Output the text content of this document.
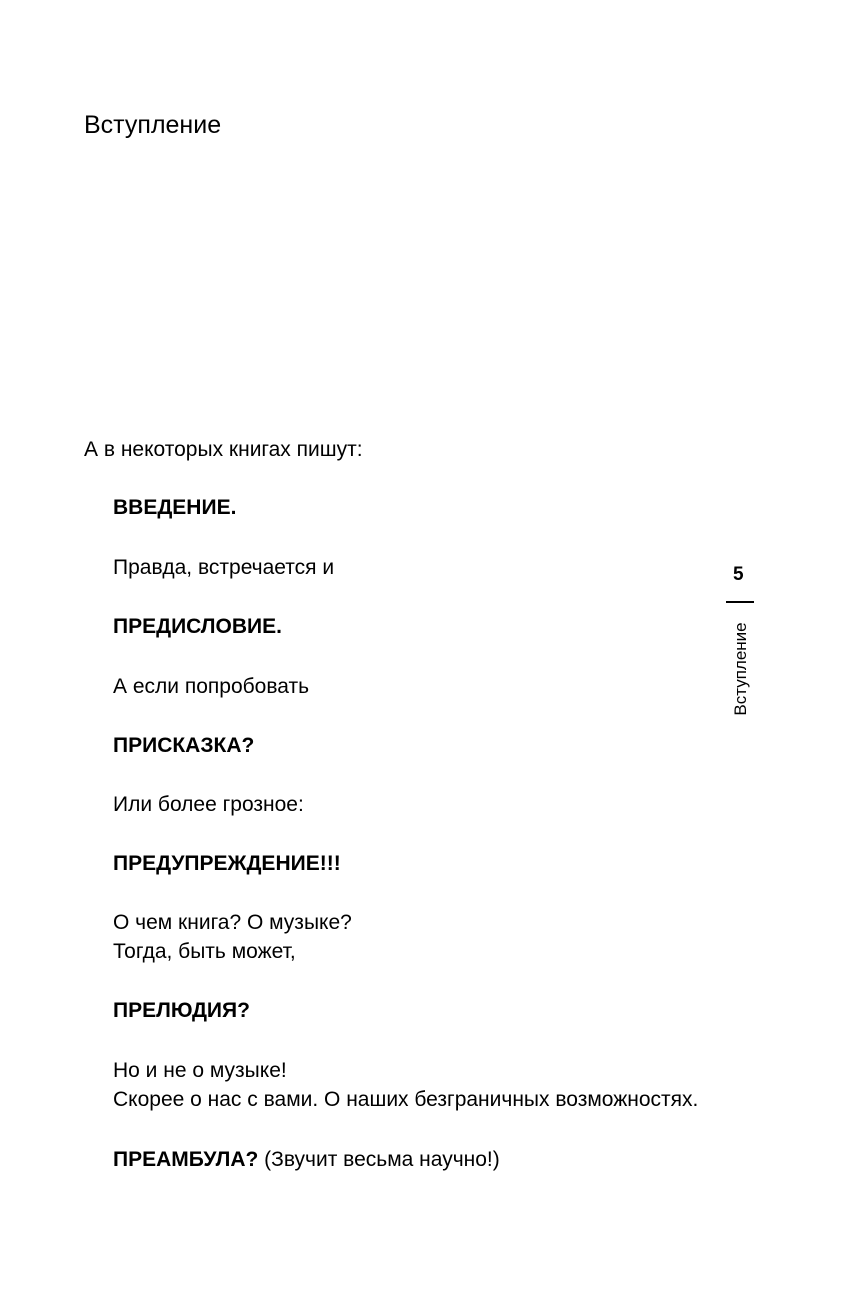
Вступление

А в некоторых книгах пишут:

ВВЕДЕНИЕ.

Правда, встречается и

ПРЕДИСЛОВИЕ.

А если попробовать

ПРИСКАЗКА?

Или более грозное:

ПРЕДУПРЕЖДЕНИЕ!!!

О чем книга? О музыке?
Тогда, быть может,

ПРЕЛЮДИЯ?

Но и не о музыке!
Скорее о нас с вами. О наших безграничных возможностях.

ПРЕАМБУЛА? (Звучит весьма научно!)

5
Вступление
